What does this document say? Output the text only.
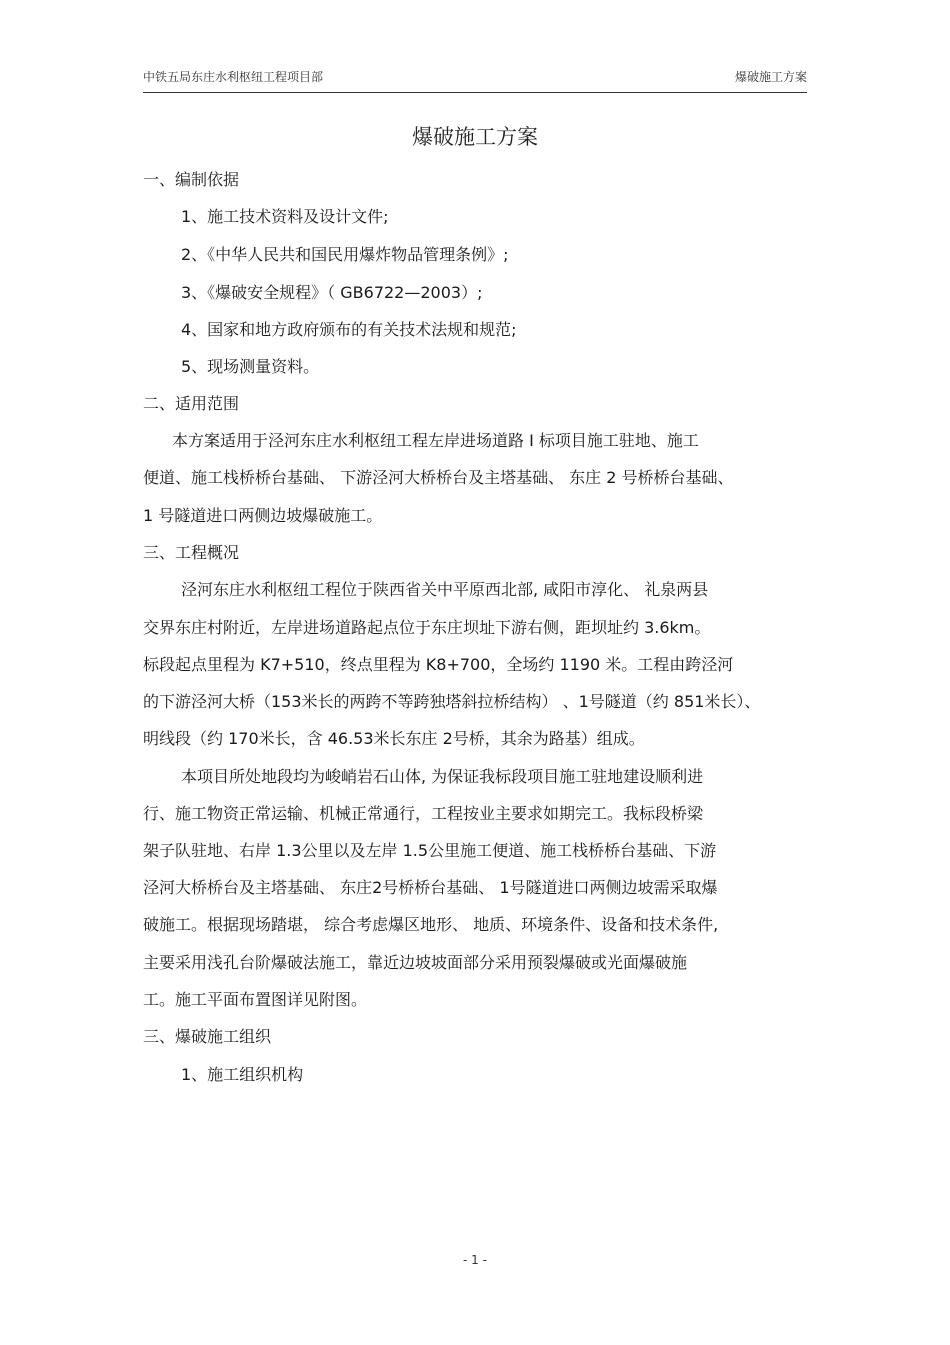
中铁五局东庄水利枢纽工程项目部	爆破施工方案
爆破施工方案
一、编制依据
1、施工技术资料及设计文件;
2、《中华人民共和国民用爆炸物品管理条例》;
3、《爆破安全规程》（ GB6722—2003）;
4、国家和地方政府颁布的有关技术法规和规范;
5、现场测量资料。
二、适用范围
本方案适用于泾河东庄水利枢纽工程左岸进场道路 Ⅰ 标项目施工驻地、施工
便道、施工栈桥桥台基础、 下游泾河大桥桥台及主塔基础、 东庄 2 号桥桥台基础、
1 号隧道进口两侧边坡爆破施工。
三、工程概况
泾河东庄水利枢纽工程位于陕西省关中平原西北部, 咸阳市淳化、 礼泉两县
交界东庄村附近，左岸进场道路起点位于东庄坝址下游右侧，距坝址约 3.6km。
标段起点里程为 K7+510，终点里程为 K8+700，全场约 1190 米。工程由跨泾河
的下游泾河大桥（153米长的两跨不等跨独塔斜拉桥结构） 、1号隧道（约 851米长）、
明线段（约 170米长，含 46.53米长东庄 2号桥，其余为路基）组成。
本项目所处地段均为峻峭岩石山体, 为保证我标段项目施工驻地建设顺利进
行、施工物资正常运输、机械正常通行，工程按业主要求如期完工。我标段桥梁
架子队驻地、右岸 1.3公里以及左岸 1.5公里施工便道、施工栈桥桥台基础、下游
泾河大桥桥台及主塔基础、 东庄2号桥桥台基础、 1号隧道进口两侧边坡需采取爆
破施工。根据现场踏堪， 综合考虑爆区地形、 地质、环境条件、设备和技术条件,
主要采用浅孔台阶爆破法施工，靠近边坡坡面部分采用预裂爆破或光面爆破施
工。施工平面布置图详见附图。
三、爆破施工组织
1、施工组织机构
- 1 -
